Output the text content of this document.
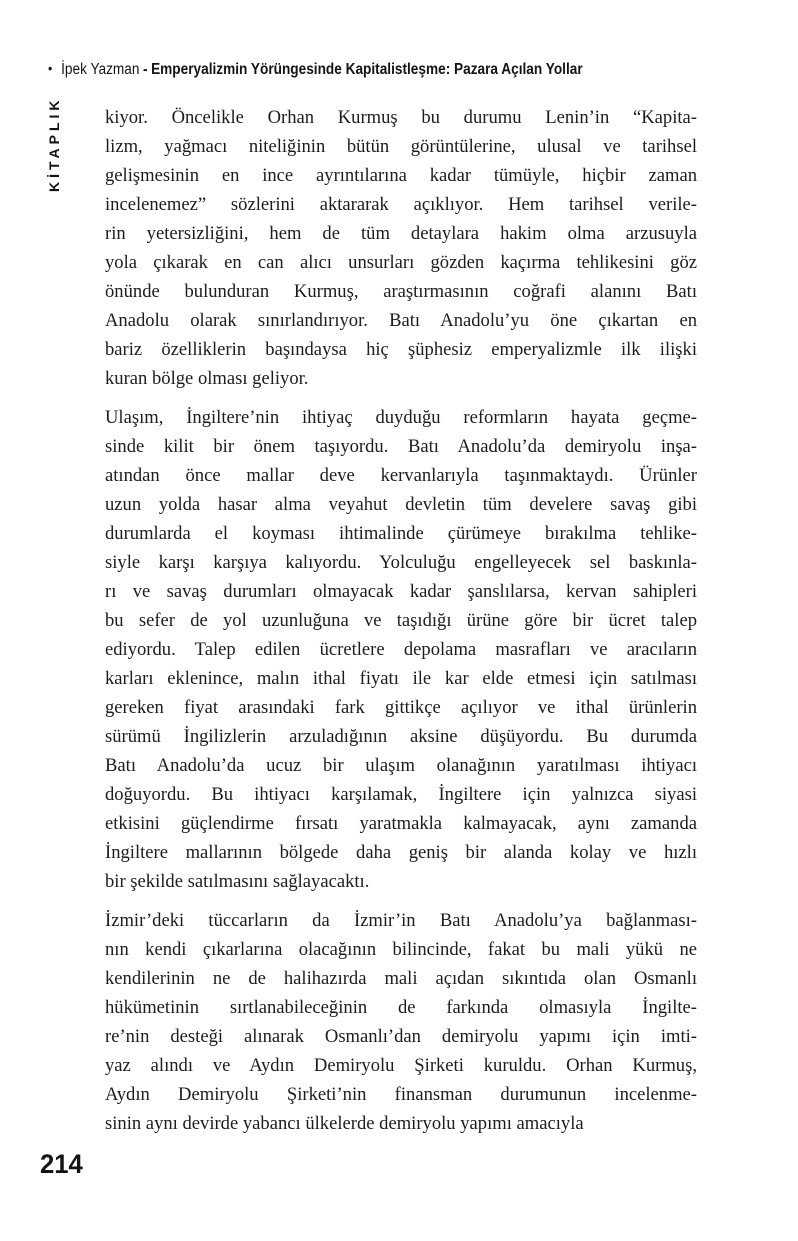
• İpek Yazman - Emperyalizmin Yörüngesinde Kapitalistleşme: Pazara Açılan Yollar
KİTAPLIK kiyor. Öncelikle Orhan Kurmuş bu durumu Lenin’in “Kapita-
lizm, yağmacı niteliğinin bütün görüntülerine, ulusal ve tarihsel
gelişmesinin en ince ayrıntılarına kadar tümüyle, hiçbir zaman
incelenemez” sözlerini aktararak açıklıyor. Hem tarihsel verile-
rin yetersizliğini, hem de tüm detaylara hakim olma arzusuyla
yola çıkarak en can alıcı unsurları gözden kaçırma tehlikesini göz
önünde bulunduran Kurmuş, araştırmasının coğrafi alanını Batı
Anadolu olarak sınırlandırıyor. Batı Anadolu’yu öne çıkartan en
bariz özelliklerin başındaysa hiç şüphesiz emperyalizmle ilk ilişki
kuran bölge olması geliyor.
Ulaşım, İngiltere’nin ihtiyaç duyduğu reformların hayata geçme-
sinde kilit bir önem taşıyordu. Batı Anadolu’da demiryolu inşa-
atından önce mallar deve kervanlarıyla taşınmaktaydı. Ürünler
uzun yolda hasar alma veyahut devletin tüm develere savaş gibi
durumlarda el koyması ihtimalinde çürümeye bırakılma tehlike-
siyle karşı karşıya kalıyordu. Yolculuğu engelleyecek sel baskınla-
rı ve savaş durumları olmayacak kadar şanslılarsa, kervan sahipleri
bu sefer de yol uzunluğuna ve taşıdığı ürüne göre bir ücret talep
ediyordu. Talep edilen ücretlere depolama masrafları ve aracıların
karları eklenince, malın ithal fiyatı ile kar elde etmesi için satılması
gereken fiyat arasındaki fark gittikçe açılıyor ve ithal ürünlerin
sürümü İngilizlerin arzuladığının aksine düşüyordu. Bu durumda
Batı Anadolu’da ucuz bir ulaşım olanağının yaratılması ihtiyacı
doğuyordu. Bu ihtiyacı karşılamak, İngiltere için yalnızca siyasi
etkisini güçlendirme fırsatı yaratmakla kalmayacak, aynı zamanda
İngiltere mallarının bölgede daha geniş bir alanda kolay ve hızlı
bir şekilde satılmasını sağlayacaktı.
İzmir’deki tüccarların da İzmir’in Batı Anadolu’ya bağlanması-
nın kendi çıkarlarına olacağının bilincinde, fakat bu mali yükü ne
kendilerinin ne de halihazırda mali açıdan sıkıntıda olan Osmanlı
hükümetinin sırtlanabileceğinin de farkında olmasıyla İngilte-
re’nin desteği alınarak Osmanlı’dan demiryolu yapımı için imti-
yaz alındı ve Aydın Demiryolu Şirketi kuruldu. Orhan Kurmuş,
Aydın Demiryolu Şirketi’nin finansman durumunun incelenme-
sinin aynı devirde yabancı ülkelerde demiryolu yapımı amacıyla
214
